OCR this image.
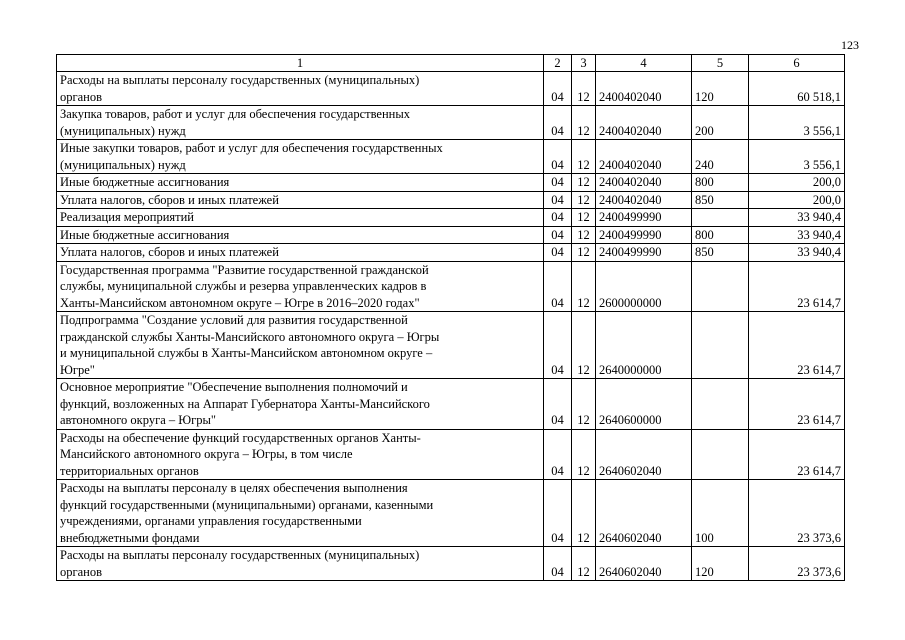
123
1	2	3	4	5	6

Расходы на выплаты персоналу государственных (муниципальных)
органов	04	12	2400402040	120	60 518,1

Закупка товаров, работ и услуг для обеспечения государственных
(муниципальных) нужд	04	12	2400402040	200	3 556,1

Иные закупки товаров, работ и услуг для обеспечения государственных
(муниципальных) нужд	04	12	2400402040	240	3 556,1

Иные бюджетные ассигнования	04	12	2400402040	800	200,0

Уплата налогов, сборов и иных платежей	04	12	2400402040	850	200,0

Реализация мероприятий	04	12	2400499990		33 940,4

Иные бюджетные ассигнования	04	12	2400499990	800	33 940,4

Уплата налогов, сборов и иных платежей	04	12	2400499990	850	33 940,4

Государственная программа "Развитие государственной гражданской
службы, муниципальной службы и резерва управленческих кадров в
Ханты-Мансийском автономном округе – Югре в 2016–2020 годах"	04	12	2600000000		23 614,7

Подпрограмма "Создание условий для развития государственной
гражданской службы Ханты-Мансийского автономного округа – Югры
и муниципальной службы в Ханты-Мансийском автономном округе –
Югре"	04	12	2640000000		23 614,7

Основное мероприятие "Обеспечение выполнения полномочий и
функций, возложенных на Аппарат Губернатора Ханты-Мансийского
автономного округа – Югры"	04	12	2640600000		23 614,7

Расходы на обеспечение функций государственных органов Ханты-
Мансийского автономного округа – Югры, в том числе
территориальных органов	04	12	2640602040		23 614,7

Расходы на выплаты персоналу в целях обеспечения выполнения
функций государственными (муниципальными) органами, казенными
учреждениями, органами управления государственными
внебюджетными фондами	04	12	2640602040	100	23 373,6

Расходы на выплаты персоналу государственных (муниципальных)
органов	04	12	2640602040	120	23 373,6
